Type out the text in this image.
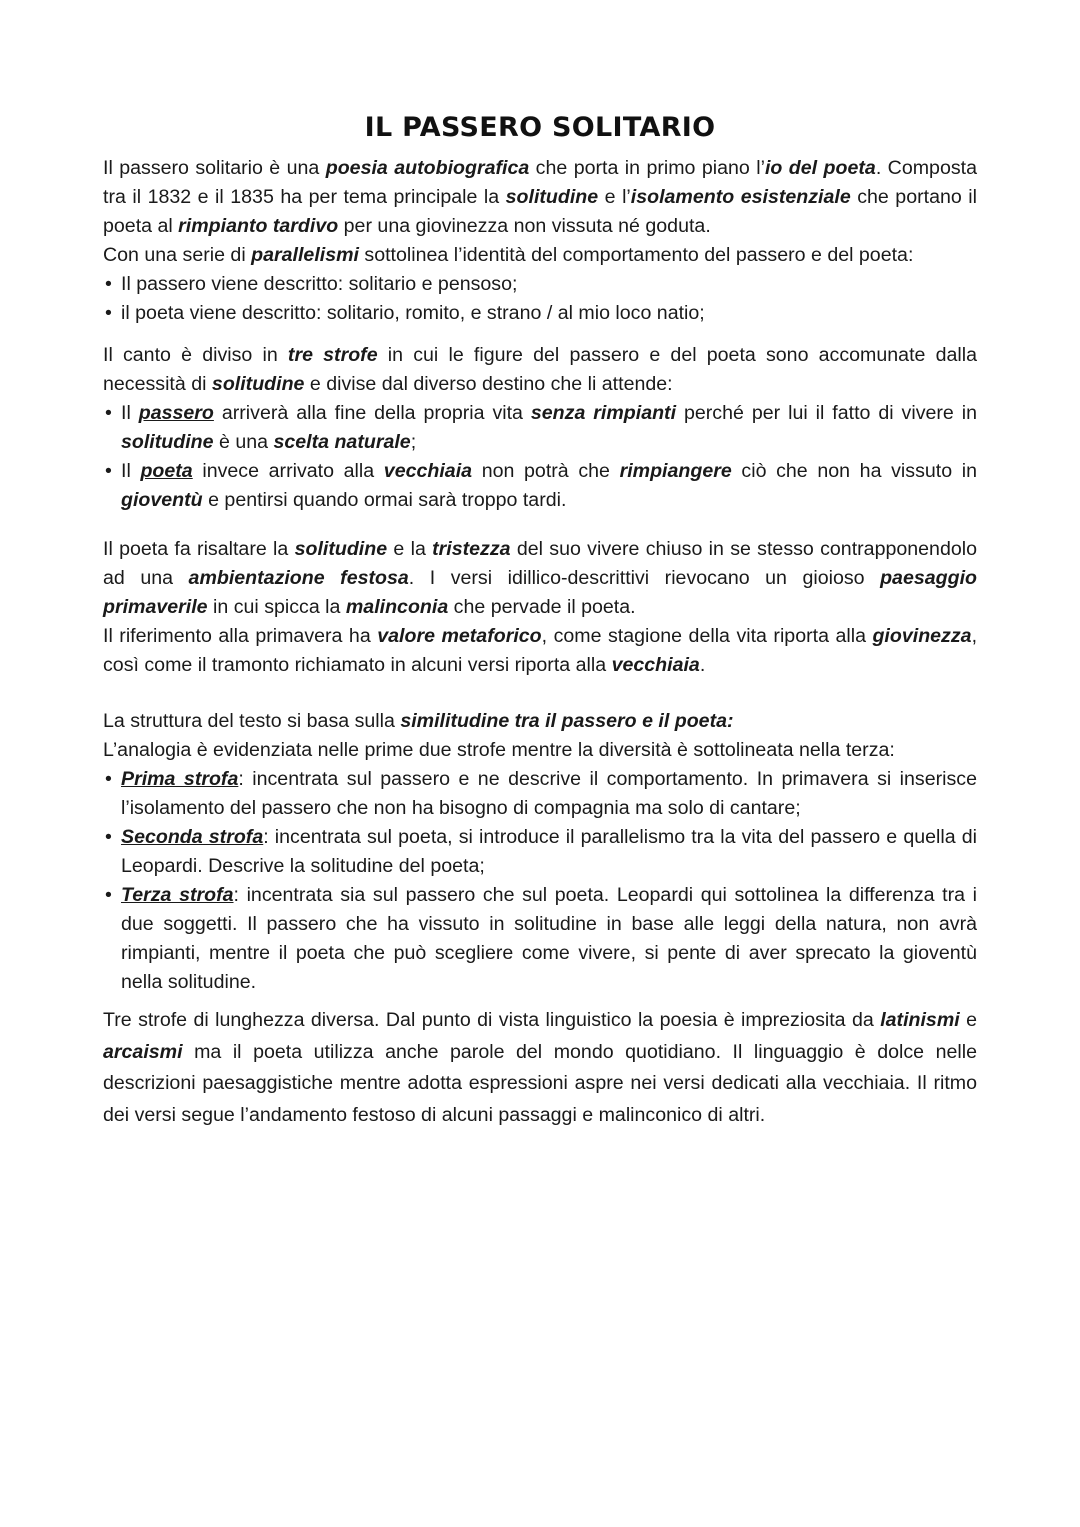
IL PASSERO SOLITARIO

Il passero solitario è una poesia autobiografica che porta in primo piano l’io del poeta. Composta tra il 1832 e il 1835 ha per tema principale la solitudine e l’isolamento esistenziale che portano il poeta al rimpianto tardivo per una giovinezza non vissuta né goduta.

Con una serie di parallelismi sottolinea l’identità del comportamento del passero e del poeta:

• Il passero viene descritto: solitario e pensoso;
• il poeta viene descritto: solitario, romito, e strano / al mio loco natio;

Il canto è diviso in tre strofe in cui le figure del passero e del poeta sono accomunate dalla necessità di solitudine e divise dal diverso destino che li attende:

• Il passero arriverà alla fine della propria vita senza rimpianti perché per lui il fatto di vivere in solitudine è una scelta naturale;
• Il poeta invece arrivato alla vecchiaia non potrà che rimpiangere ciò che non ha vissuto in gioventù e pentirsi quando ormai sarà troppo tardi.

Il poeta fa risaltare la solitudine e la tristezza del suo vivere chiuso in se stesso contrapponendolo ad una ambientazione festosa. I versi idillico-descrittivi rievocano un gioioso paesaggio primaverile in cui spicca la malinconia che pervade il poeta.

Il riferimento alla primavera ha valore metaforico, come stagione della vita riporta alla giovinezza, così come il tramonto richiamato in alcuni versi riporta alla vecchiaia.

La struttura del testo si basa sulla similitudine tra il passero e il poeta:

L’analogia è evidenziata nelle prime due strofe mentre la diversità è sottolineata nella terza:

• Prima strofa: incentrata sul passero e ne descrive il comportamento. In primavera si inserisce l’isolamento del passero che non ha bisogno di compagnia ma solo di cantare;
• Seconda strofa: incentrata sul poeta, si introduce il parallelismo tra la vita del passero e quella di Leopardi. Descrive la solitudine del poeta;
• Terza strofa: incentrata sia sul passero che sul poeta. Leopardi qui sottolinea la differenza tra i due soggetti. Il passero che ha vissuto in solitudine in base alle leggi della natura, non avrà rimpianti, mentre il poeta che può scegliere come vivere, si pente di aver sprecato la gioventù nella solitudine.

Tre strofe di lunghezza diversa. Dal punto di vista linguistico la poesia è impreziosita da latinismi e arcaismi ma il poeta utilizza anche parole del mondo quotidiano. Il linguaggio è dolce nelle descrizioni paesaggistiche mentre adotta espressioni aspre nei versi dedicati alla vecchiaia. Il ritmo dei versi segue l’andamento festoso di alcuni passaggi e malinconico di altri.
